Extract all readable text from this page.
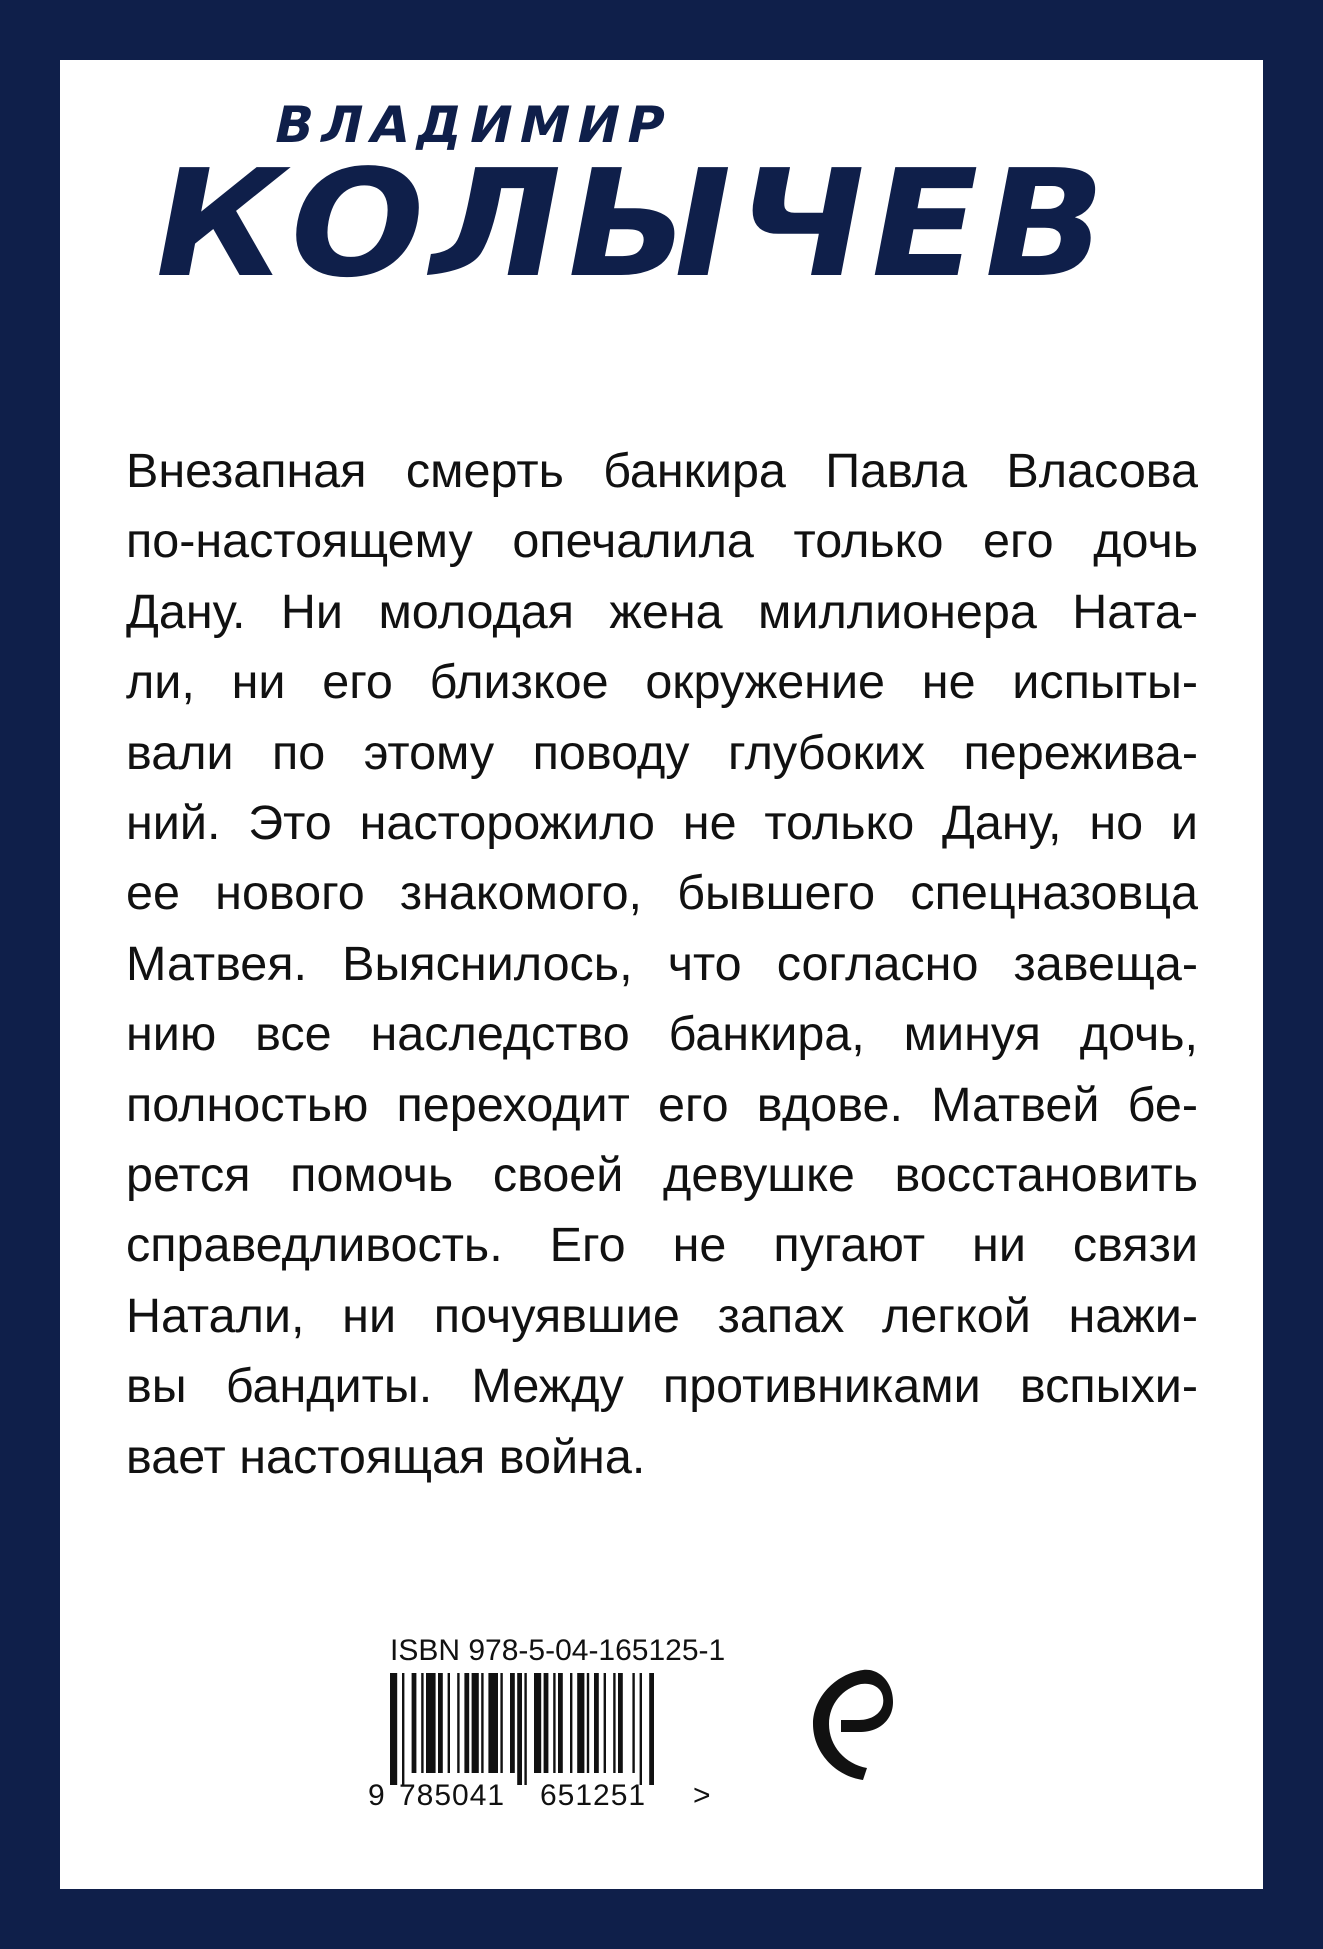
ВЛАДИМИР
КОЛЫЧЕВ
Внезапная смерть банкира Павла Власова
по-настоящему опечалила только его дочь
Дану. Ни молодая жена миллионера Ната-
ли, ни его близкое окружение не испыты-
вали по этому поводу глубоких пережива-
ний. Это насторожило не только Дану, но и
ее нового знакомого, бывшего спецназовца
Матвея. Выяснилось, что согласно завеща-
нию все наследство банкира, минуя дочь,
полностью переходит его вдове. Матвей бе-
рется помочь своей девушке восстановить
справедливость. Его не пугают ни связи
Натали, ни почуявшие запах легкой нажи-
вы бандиты. Между противниками вспыхи-
вает настоящая война.
ISBN 978-5-04-165125-1
9 785041 651251 >
